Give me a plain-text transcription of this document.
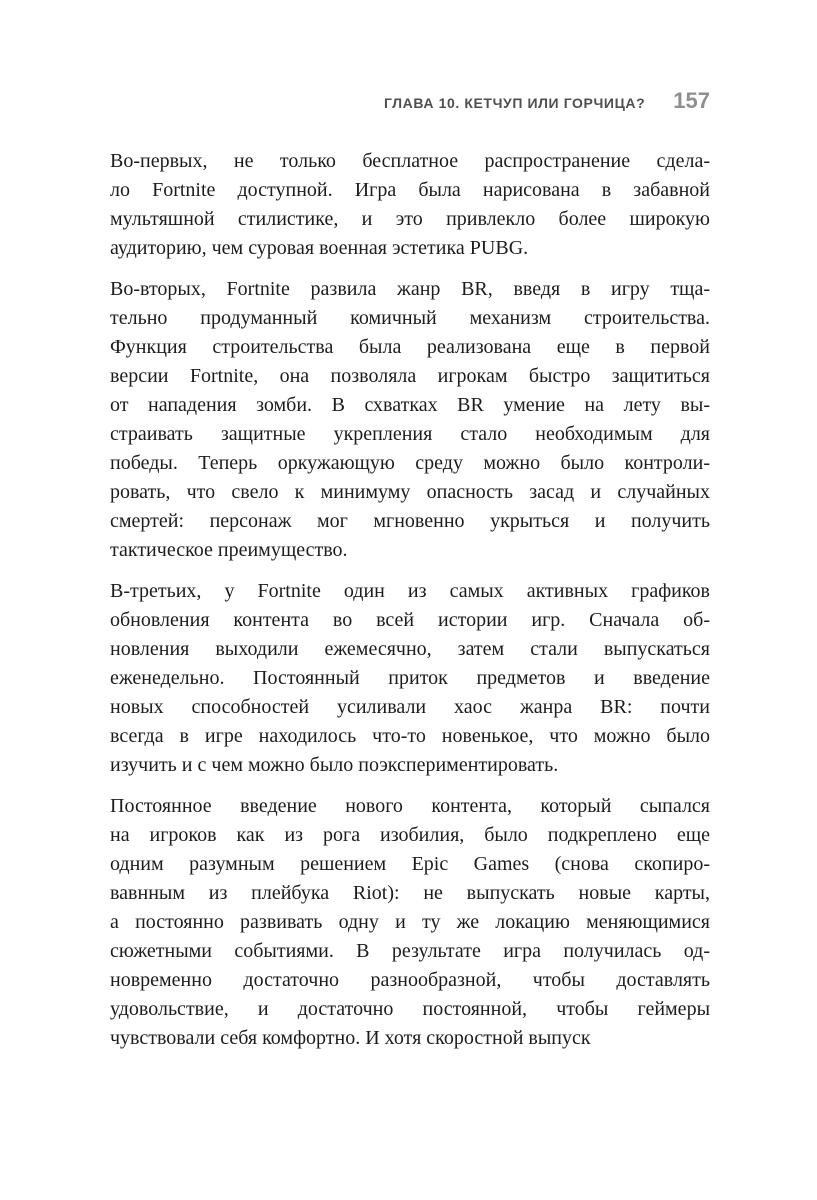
ГЛАВА 10. КЕТЧУП ИЛИ ГОРЧИЦА? 157
Во-первых, не только бесплатное распространение сдела-
ло Fortnite доступной. Игра была нарисована в забавной
мультяшной стилистике, и это привлекло более широкую
аудиторию, чем суровая военная эстетика PUBG.
Во-вторых, Fortnite развила жанр BR, введя в игру тща-
тельно продуманный комичный механизм строительства.
Функция строительства была реализована еще в первой
версии Fortnite, она позволяла игрокам быстро защититься
от нападения зомби. В схватках BR умение на лету вы-
страивать защитные укрепления стало необходимым для
победы. Теперь оркужающую среду можно было контроли-
ровать, что свело к минимуму опасность засад и случайных
смертей: персонаж мог мгновенно укрыться и получить
тактическое преимущество.
В-третьих, у Fortnite один из самых активных графиков
обновления контента во всей истории игр. Сначала об-
новления выходили ежемесячно, затем стали выпускаться
еженедельно. Постоянный приток предметов и введение
новых способностей усиливали хаос жанра BR: почти
всегда в игре находилось что-то новенькое, что можно было
изучить и с чем можно было поэкспериментировать.
Постоянное введение нового контента, который сыпался
на игроков как из рога изобилия, было подкреплено еще
одним разумным решением Epic Games (снова скопиро-
вавнным из плейбука Riot): не выпускать новые карты,
а постоянно развивать одну и ту же локацию меняющимися
сюжетными событиями. В результате игра получилась од-
новременно достаточно разнообразной, чтобы доставлять
удовольствие, и достаточно постоянной, чтобы геймеры
чувствовали себя комфортно. И хотя скоростной выпуск
